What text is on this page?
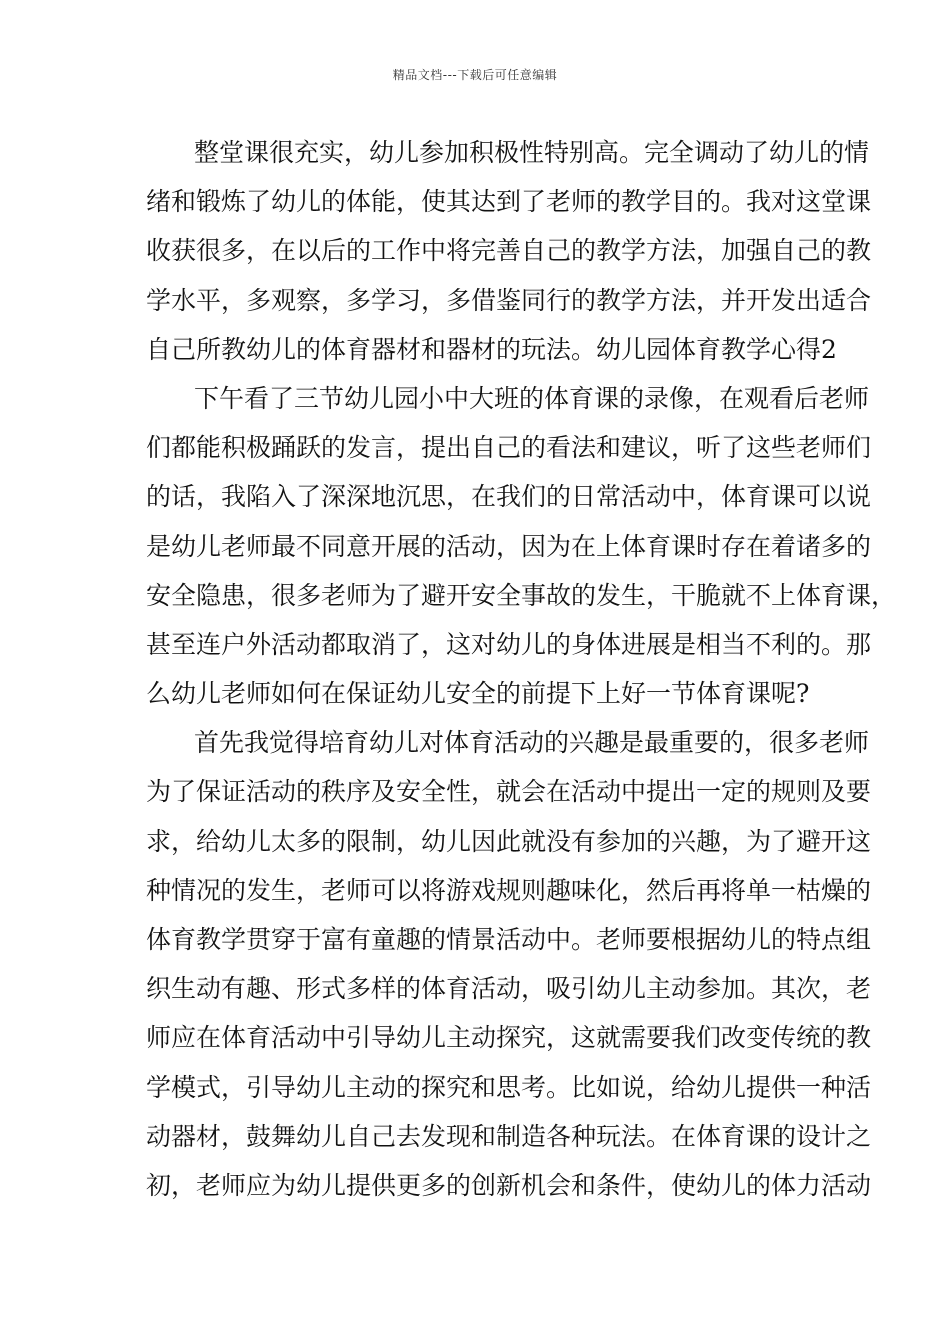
精品文档---下载后可任意编辑
整堂课很充实，幼儿参加积极性特别高。完全调动了幼儿的情
绪和锻炼了幼儿的体能，使其达到了老师的教学目的。我对这堂课
收获很多，在以后的工作中将完善自己的教学方法，加强自己的教
学水平，多观察，多学习，多借鉴同行的教学方法，并开发出适合
自己所教幼儿的体育器材和器材的玩法。幼儿园体育教学心得2
下午看了三节幼儿园小中大班的体育课的录像，在观看后老师
们都能积极踊跃的发言，提出自己的看法和建议，听了这些老师们
的话，我陷入了深深地沉思，在我们的日常活动中，体育课可以说
是幼儿老师最不同意开展的活动，因为在上体育课时存在着诸多的
安全隐患，很多老师为了避开安全事故的发生，干脆就不上体育课，
甚至连户外活动都取消了，这对幼儿的身体进展是相当不利的。那
么幼儿老师如何在保证幼儿安全的前提下上好一节体育课呢?
首先我觉得培育幼儿对体育活动的兴趣是最重要的，很多老师
为了保证活动的秩序及安全性，就会在活动中提出一定的规则及要
求，给幼儿太多的限制，幼儿因此就没有参加的兴趣，为了避开这
种情况的发生，老师可以将游戏规则趣味化，然后再将单一枯燥的
体育教学贯穿于富有童趣的情景活动中。老师要根据幼儿的特点组
织生动有趣、形式多样的体育活动，吸引幼儿主动参加。其次，老
师应在体育活动中引导幼儿主动探究，这就需要我们改变传统的教
学模式，引导幼儿主动的探究和思考。比如说，给幼儿提供一种活
动器材，鼓舞幼儿自己去发现和制造各种玩法。在体育课的设计之
初，老师应为幼儿提供更多的创新机会和条件，使幼儿的体力活动
